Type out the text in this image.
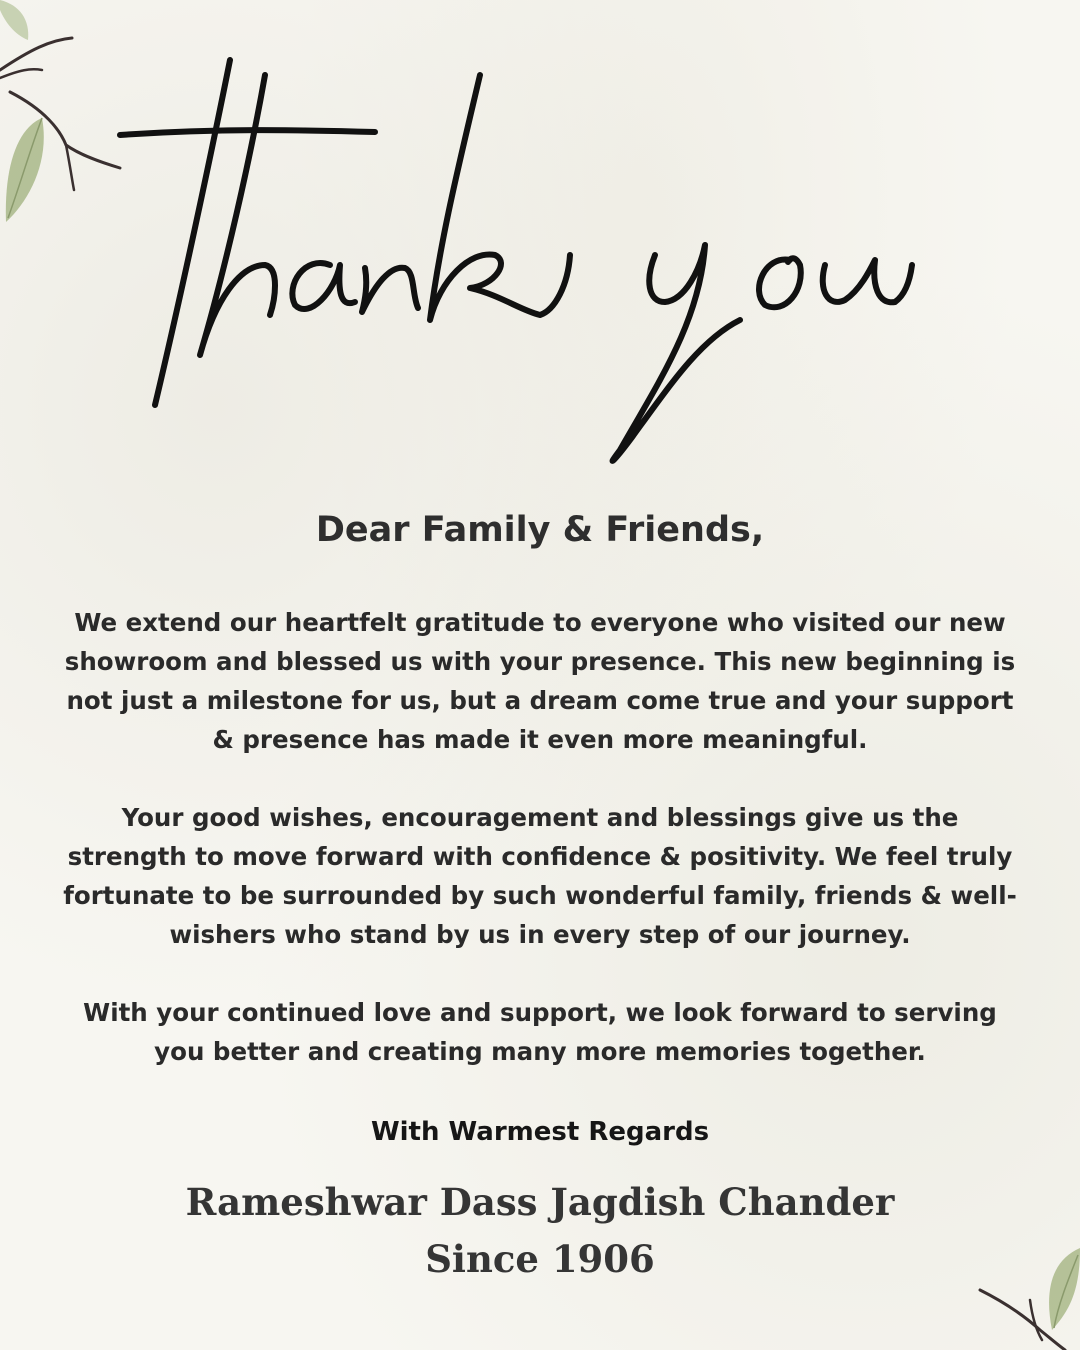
Dear Family & Friends,
We extend our heartfelt gratitude to everyone who visited our new showroom and blessed us with your presence. This new beginning is not just a milestone for us, but a dream come true and your support & presence has made it even more meaningful.
Your good wishes, encouragement and blessings give us the strength to move forward with confidence & positivity. We feel truly fortunate to be surrounded by such wonderful family, friends & well-wishers who stand by us in every step of our journey.
With your continued love and support, we look forward to serving you better and creating many more memories together.
With Warmest Regards
Rameshwar Dass Jagdish Chander
Since 1906
